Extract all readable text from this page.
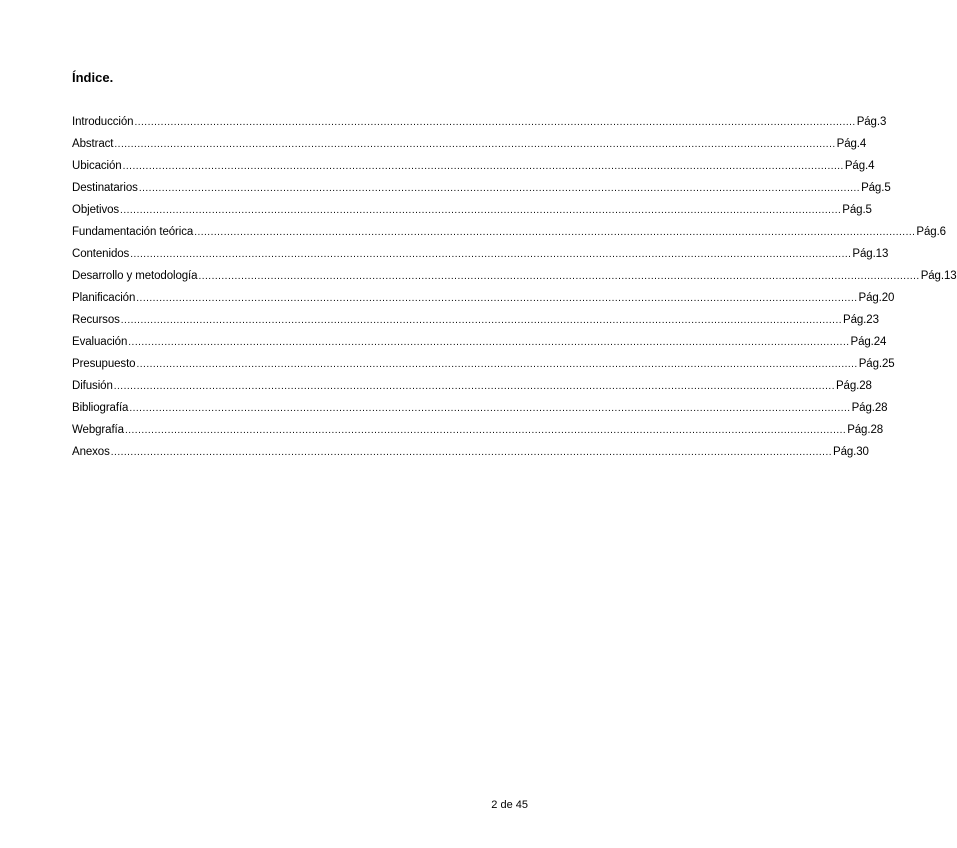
Índice.
Introducción ............................................................................................................................................................................................................................ Pág.3
Abstract ............................................................................................................................................................................................................................ Pág.4
Ubicación ............................................................................................................................................................................................................................ Pág.4
Destinatarios ............................................................................................................................................................................................................................ Pág.5
Objetivos ............................................................................................................................................................................................................................ Pág.5
Fundamentación teórica ............................................................................................................................................................................................................................ Pág.6
Contenidos ............................................................................................................................................................................................................................ Pág.13
Desarrollo y metodología ............................................................................................................................................................................................................................ Pág.13
Planificación ............................................................................................................................................................................................................................ Pág.20
Recursos ............................................................................................................................................................................................................................ Pág.23
Evaluación ............................................................................................................................................................................................................................ Pág.24
Presupuesto ............................................................................................................................................................................................................................ Pág.25
Difusión ............................................................................................................................................................................................................................ Pág.28
Bibliografía ............................................................................................................................................................................................................................ Pág.28
Webgrafía ............................................................................................................................................................................................................................ Pág.28
Anexos ............................................................................................................................................................................................................................ Pág.30
2 de 45
